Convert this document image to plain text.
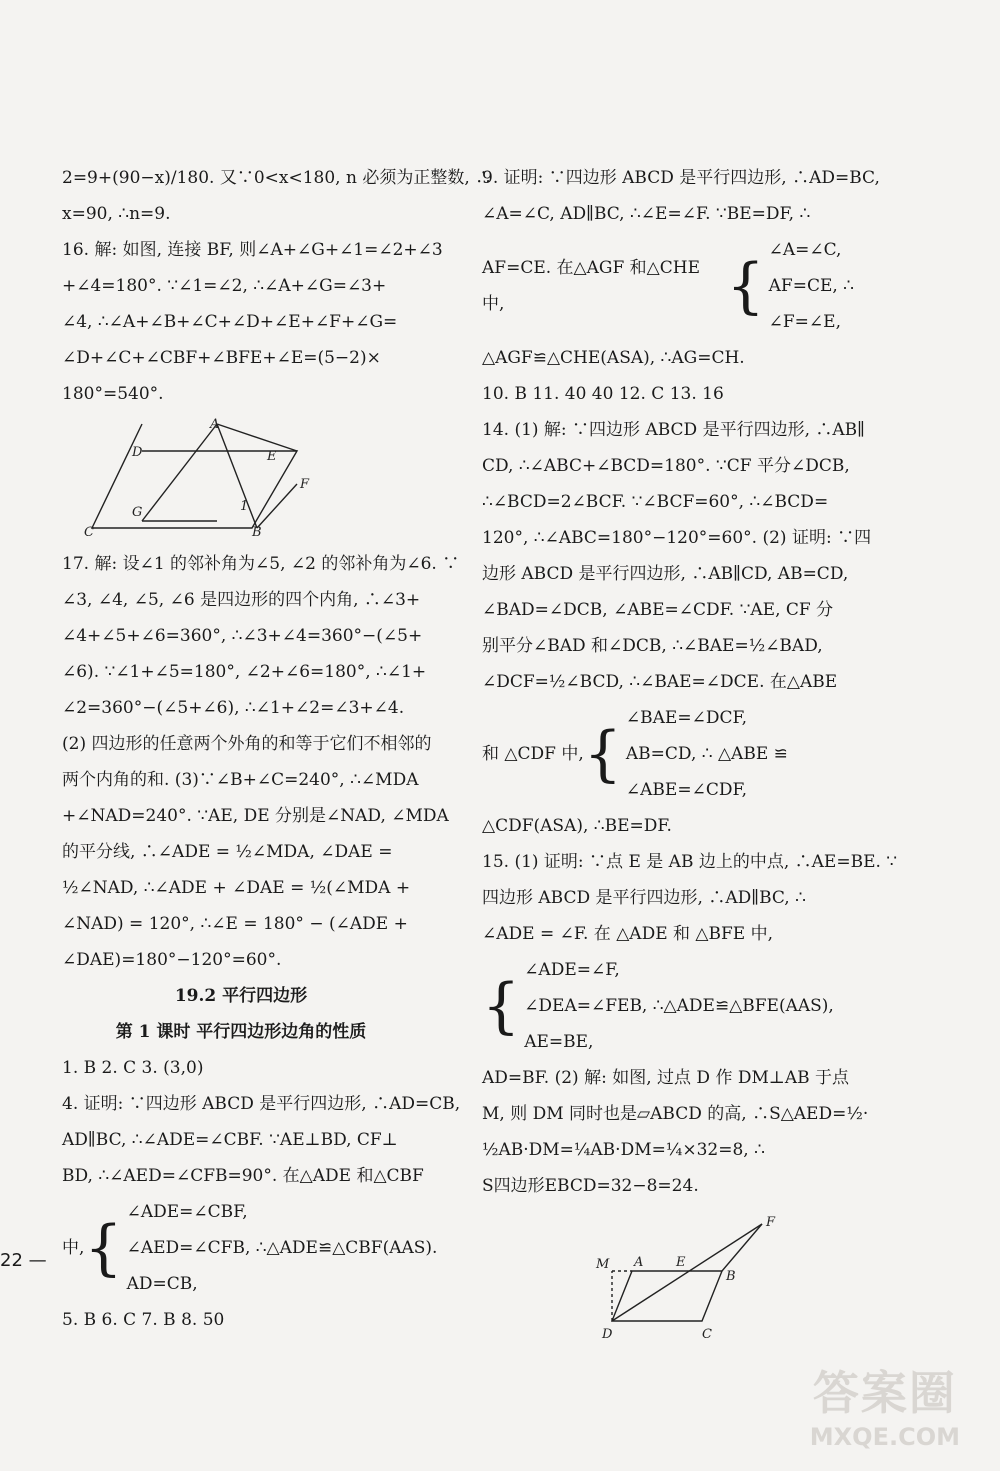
2=9+(90−x)/180. 又∵0<x<180, n 必须为正整数, ∴
x=90, ∴n=9.
16. 解: 如图, 连接 BF, 则∠A+∠G+∠1=∠2+∠3
+∠4=180°. ∵∠1=∠2, ∴∠A+∠G=∠3+
∠4, ∴∠A+∠B+∠C+∠D+∠E+∠F+∠G=
∠D+∠C+∠CBF+∠BFE+∠E=(5−2)×
180°=540°.
A
D	E
G	1
F
C	B
17. 解: 设∠1 的邻补角为∠5, ∠2 的邻补角为∠6. ∵
∠3, ∠4, ∠5, ∠6 是四边形的四个内角, ∴∠3+
∠4+∠5+∠6=360°, ∴∠3+∠4=360°−(∠5+
∠6). ∵∠1+∠5=180°, ∠2+∠6=180°, ∴∠1+
∠2=360°−(∠5+∠6), ∴∠1+∠2=∠3+∠4.
(2) 四边形的任意两个外角的和等于它们不相邻的
两个内角的和. (3)∵∠B+∠C=240°, ∴∠MDA
+∠NAD=240°. ∵AE, DE 分别是∠NAD, ∠MDA
的平分线, ∴∠ADE = ½∠MDA, ∠DAE =
½∠NAD, ∴∠ADE + ∠DAE = ½(∠MDA +
∠NAD) = 120°, ∴∠E = 180° − (∠ADE +
∠DAE)=180°−120°=60°.
19.2 平行四边形
第 1 课时 平行四边形边角的性质
1. B 2. C 3. (3,0)
4. 证明: ∵四边形 ABCD 是平行四边形, ∴AD=CB,
AD∥BC, ∴∠ADE=∠CBF. ∵AE⊥BD, CF⊥
BD, ∴∠AED=∠CFB=90°. 在△ADE 和△CBF
中, {
∠ADE=∠CBF,
∠AED=∠CFB, ∴△ADE≌△CBF(AAS).
AD=CB,
5. B 6. C 7. B 8. 50
9. 证明: ∵四边形 ABCD 是平行四边形, ∴AD=BC,
∠A=∠C, AD∥BC, ∴∠E=∠F. ∵BE=DF, ∴
AF=CE. 在△AGF 和△CHE 中,	{
∠A=∠C,
AF=CE, ∴
∠F=∠E,
△AGF≌△CHE(ASA), ∴AG=CH.
10. B 11. 40 40 12. C 13. 16
14. (1) 解: ∵四边形 ABCD 是平行四边形, ∴AB∥
CD, ∴∠ABC+∠BCD=180°. ∵CF 平分∠DCB,
∴∠BCD=2∠BCF. ∵∠BCF=60°, ∴∠BCD=
120°, ∴∠ABC=180°−120°=60°. (2) 证明: ∵四
边形 ABCD 是平行四边形, ∴AB∥CD, AB=CD,
∠BAD=∠DCB, ∠ABE=∠CDF. ∵AE, CF 分
别平分∠BAD 和∠DCB, ∴∠BAE=½∠BAD,
∠DCF=½∠BCD, ∴∠BAE=∠DCE. 在△ABE
和 △CDF 中, {
∠BAE=∠DCF,
AB=CD, ∴ △ABE ≌
∠ABE=∠CDF,
△CDF(ASA), ∴BE=DF.
15. (1) 证明: ∵点 E 是 AB 边上的中点, ∴AE=BE. ∵
四边形 ABCD 是平行四边形, ∴AD∥BC, ∴
∠ADE = ∠F. 在 △ADE 和 △BFE 中,
{
∠ADE=∠F,
∠DEA=∠FEB, ∴△ADE≌△BFE(AAS),
AE=BE,
AD=BF. (2) 解: 如图, 过点 D 作 DM⊥AB 于点
M, 则 DM 同时也是▱ABCD 的高, ∴S△AED=½·
½AB·DM=¼AB·DM=¼×32=8, ∴
S四边形EBCD=32−8=24.
M A	E
B
F
D	C
22 —
答案圈
MXQE.COM
